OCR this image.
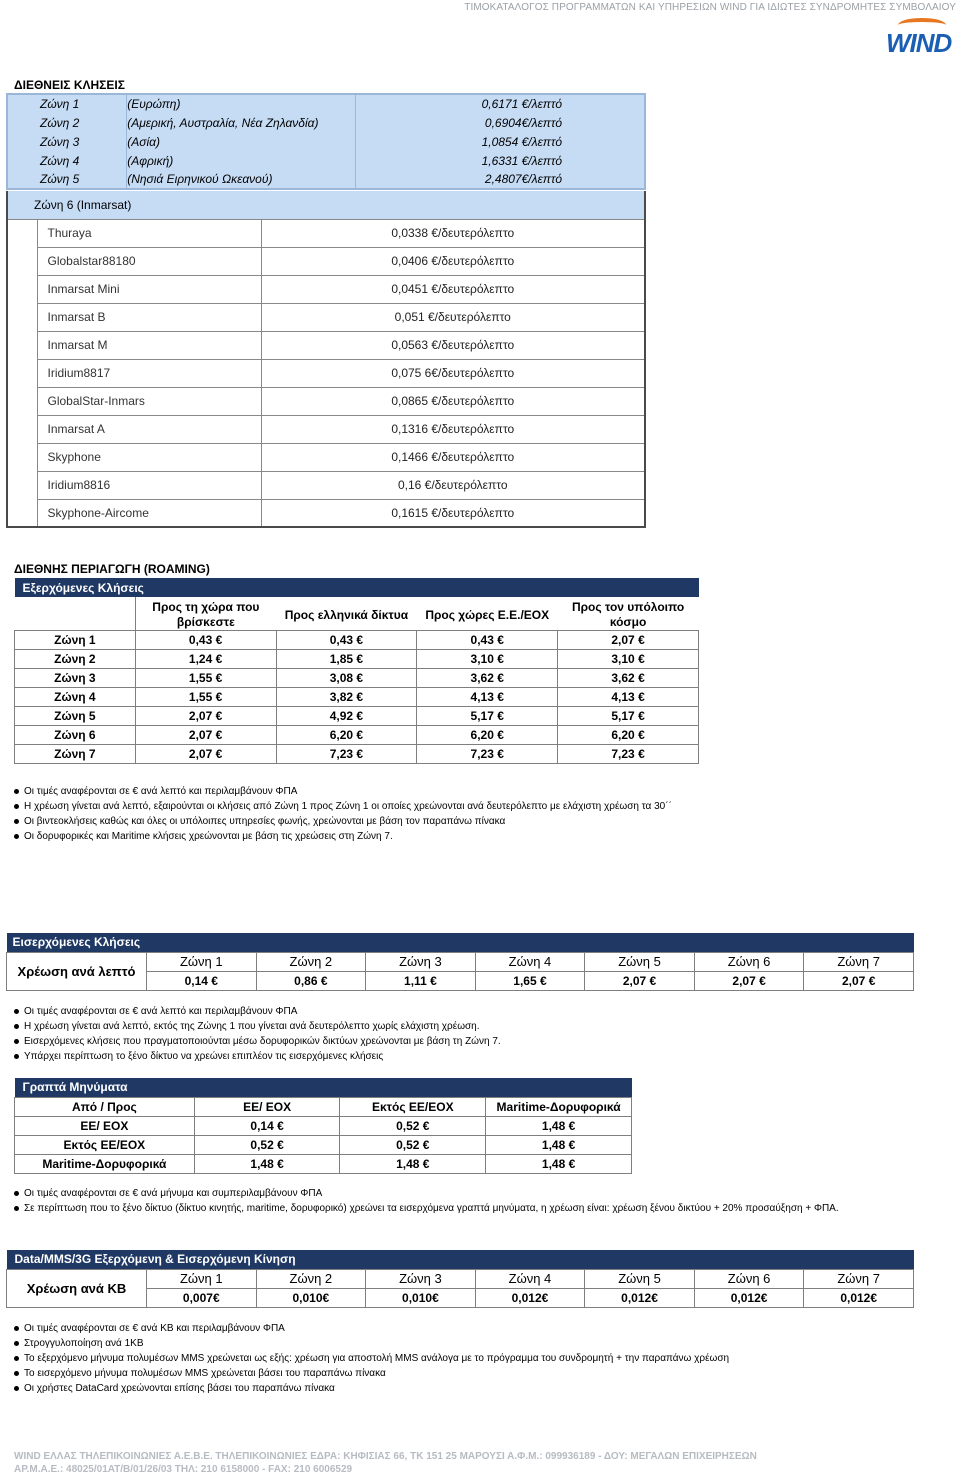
ΤΙΜΟΚΑΤΑΛΟΓΟΣ ΠΡΟΓΡΑΜΜΑΤΩΝ ΚΑΙ ΥΠΗΡΕΣΙΩΝ WIND ΓΙΑ ΙΔΙΩΤΕΣ ΣΥΝΔΡΟΜΗΤΕΣ ΣΥΜΒΟΛΑΙΟΥ
WIND
ΔΙΕΘΝΕΙΣ ΚΛΗΣΕΙΣ
Ζώνη 1	(Ευρώπη)	0,6171 €/λεπτό
Ζώνη 2	(Αμερική, Αυστραλία, Νέα Ζηλανδία)	0,6904€/λεπτό
Ζώνη 3	(Ασία)	1,0854 €/λεπτό
Ζώνη 4	(Αφρική)	1,6331 €/λεπτό
Ζώνη 5	(Νησιά Ειρηνικού Ωκεανού)	2,4807€/λεπτό
Ζώνη 6 (Inmarsat)		
	Thuraya	0,0338 €/δευτερόλεπτο
	Globalstar88180	0,0406 €/δευτερόλεπτο
	Inmarsat Mini	0,0451 €/δευτερόλεπτο
	Inmarsat B	0,051 €/δευτερόλεπτο
	Inmarsat M	0,0563 €/δευτερόλεπτο
	Iridium8817	0,075 6€/δευτερόλεπτο
	GlobalStar-Inmars	0,0865 €/δευτερόλεπτο
	Inmarsat A	0,1316 €/δευτερόλεπτο
	Skyphone	0,1466 €/δευτερόλεπτο
	Iridium8816	0,16 €/δευτερόλεπτο
	Skyphone-Aircome	0,1615 €/δευτερόλεπτο
ΔΙΕΘΝΗΣ ΠΕΡΙΑΓΩΓΗ (ROAMING)
Εξερχόμενες Κλήσεις				
	Προς τη χώρα που βρίσκεστε	Προς ελληνικά δίκτυα	Προς χώρες Ε.Ε./ΕΟΧ	Προς τον υπόλοιπο κόσμο
Ζώνη 1	0,43 €	0,43 €	0,43 €	2,07 €
Ζώνη 2	1,24 €	1,85 €	3,10 €	3,10 €
Ζώνη 3	1,55 €	3,08 €	3,62 €	3,62 €
Ζώνη 4	1,55 €	3,82 €	4,13 €	4,13 €
Ζώνη 5	2,07 €	4,92 €	5,17 €	5,17 €
Ζώνη 6	2,07 €	6,20 €	6,20 €	6,20 €
Ζώνη 7	2,07 €	7,23 €	7,23 €	7,23 €
Οι τιμές αναφέρονται σε € ανά λεπτό και περιλαμβάνουν ΦΠΑ
Η χρέωση γίνεται ανά λεπτό, εξαιρούνται οι κλήσεις από Ζώνη 1 προς Ζώνη 1 οι οποίες χρεώνονται ανά δευτερόλεπτο με ελάχιστη χρέωση τα 30΄΄
Οι βιντεοκλήσεις καθώς και όλες οι υπόλοιπες υπηρεσίες φωνής, χρεώνονται με βάση τον παραπάνω πίνακα
Οι δορυφορικές και Maritime κλήσεις χρεώνονται με βάση τις χρεώσεις στη Ζώνη 7.
Εισερχόμενες Κλήσεις							
Χρέωση ανά λεπτό	Ζώνη 1	Ζώνη 2	Ζώνη 3	Ζώνη 4	Ζώνη 5	Ζώνη 6	Ζώνη 7
	0,14 €	0,86 €	1,11 €	1,65 €	2,07 €	2,07 €	2,07 €
Οι τιμές αναφέρονται σε € ανά λεπτό και περιλαμβάνουν ΦΠΑ
Η χρέωση γίνεται ανά λεπτό, εκτός της Ζώνης 1 που γίνεται ανά δευτερόλεπτο χωρίς ελάχιστη χρέωση.
Εισερχόμενες κλήσεις που πραγματοποιούνται μέσω δορυφορικών δικτύων χρεώνονται με βάση τη Ζώνη 7.
Υπάρχει περίπτωση το ξένο δίκτυο να χρεώνει επιπλέον τις εισερχόμενες κλήσεις
Γραπτά Μηνύματα			
Από / Προς	ΕΕ/ ΕΟΧ	Εκτός ΕΕ/ΕΟΧ	Maritime-Δορυφορικά
ΕΕ/ ΕΟΧ	0,14 €	0,52 €	1,48 €
Εκτός ΕΕ/ΕΟΧ	0,52 €	0,52 €	1,48 €
Maritime-Δορυφορικά	1,48 €	1,48 €	1,48 €
Οι τιμές αναφέρονται σε € ανά μήνυμα και συμπεριλαμβάνουν ΦΠΑ
Σε περίπτωση που το ξένο δίκτυο (δίκτυο κινητής, maritime, δορυφορικό) χρεώνει τα εισερχόμενα γραπτά μηνύματα, η χρέωση είναι: χρέωση ξένου δικτύου + 20% προσαύξηση + ΦΠΑ.
Data/MMS/3G Εξερχόμενη & Εισερχόμενη Κίνηση							
Χρέωση ανά KB	Ζώνη 1	Ζώνη 2	Ζώνη 3	Ζώνη 4	Ζώνη 5	Ζώνη 6	Ζώνη 7
	0,007€	0,010€	0,010€	0,012€	0,012€	0,012€	0,012€
Οι τιμές αναφέρονται σε € ανά KB και περιλαμβάνουν ΦΠΑ
Στρογγυλοποίηση ανά 1KB
Το εξερχόμενο μήνυμα πολυμέσων MMS χρεώνεται ως εξής: χρέωση για αποστολή MMS ανάλογα με το πρόγραμμα του συνδρομητή + την παραπάνω χρέωση
Το εισερχόμενο μήνυμα πολυμέσων MMS χρεώνεται βάσει του παραπάνω πίνακα
Οι χρήστες DataCard χρεώνονται επίσης βάσει του παραπάνω πίνακα
WIND ΕΛΛΑΣ ΤΗΛΕΠΙΚΟΙΝΩΝΙΕΣ Α.Ε.Β.Ε. ΤΗΛΕΠΙΚΟΙΝΩΝΙΕΣ ΕΔΡΑ: ΚΗΦΙΣΙΑΣ 66, ΤΚ 151 25 ΜΑΡΟΥΣΙ Α.Φ.Μ.: 099936189 - ΔΟΥ: ΜΕΓΑΛΩΝ ΕΠΙΧΕΙΡΗΣΕΩΝ
ΑΡ.Μ.Α.Ε.: 48025/01ΑΤ/Β/01/26/03 ΤΗΛ: 210 6158000 - FAX: 210 6006529
